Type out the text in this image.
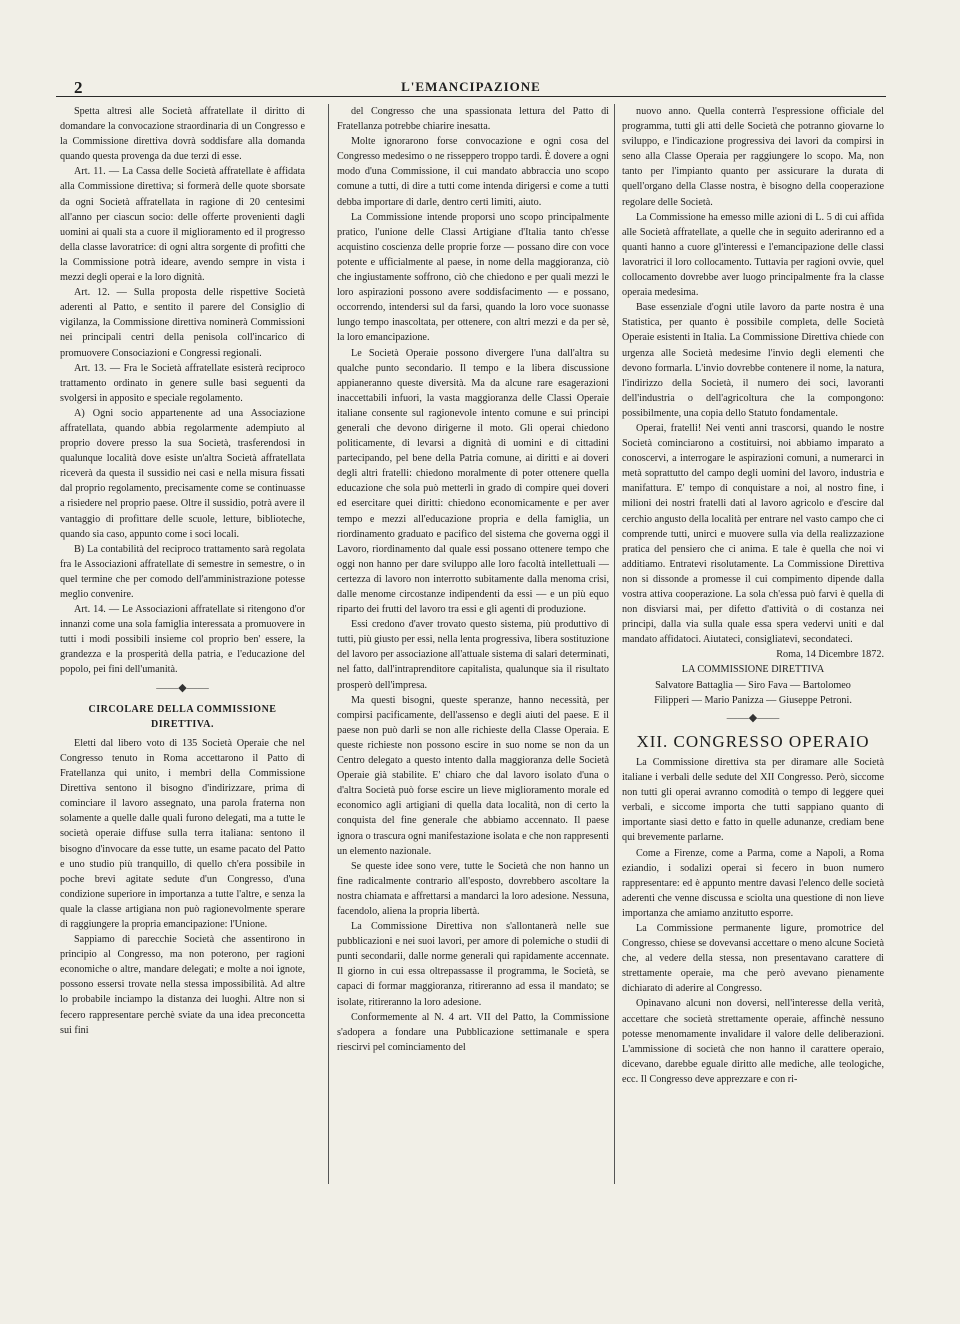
2	L'EMANCIPAZIONE

Spetta altresì alle Società affratellate il diritto di domandare la convocazione straordinaria di un Congresso e la Commissione direttiva dovrà soddisfare alla domanda quando questa provenga da due terzi di esse.

Art. 11. — La Cassa delle Società affratellate è affidata alla Commissione direttiva; si formerà delle quote sborsate da ogni Società affratellata in ragione di 20 centesimi all'anno per ciascun socio: delle offerte provenienti dagli uomini ai quali sta a cuore il miglioramento ed il progresso della classe lavoratrice: di ogni altra sorgente di profitti che la Commissione potrà ideare, avendo sempre in vista i mezzi degli operai e la loro dignità.

Art. 12. — Sulla proposta delle rispettive Società aderenti al Patto, e sentito il parere del Consiglio di vigilanza, la Commissione direttiva nominerà Commissioni nei principali centri della penisola coll'incarico di promuovere Consociazioni e Congressi regionali.

Art. 13. — Fra le Società affratellate esisterà reciproco trattamento ordinato in genere sulle basi seguenti da svolgersi in apposito e speciale regolamento.

A) Ogni socio appartenente ad una Associazione affratellata, quando abbia regolarmente adempiuto al proprio dovere presso la sua Società, trasferendosi in qualunque località dove esiste un'altra Società affratellata riceverà da questa il sussidio nei casi e nella misura fissati dal proprio regolamento, precisamente come se continuasse a risiedere nel proprio paese. Oltre il sussidio, potrà avere il vantaggio di profittare delle scuole, letture, biblioteche, quando sia caso, appunto come i soci locali.

B) La contabilità del reciproco trattamento sarà regolata fra le Associazioni affratellate di semestre in semestre, o in quel termine che per comodo dell'amministrazione potesse meglio convenire.

Art. 14. — Le Associazioni affratellate si ritengono d'or innanzi come una sola famiglia interessata a promuovere in tutti i modi possibili insieme col proprio ben' essere, la grandezza e la prosperità della patria, e l'educazione del popolo, pei fini dell'umanità.

——◆——

CIRCOLARE DELLA COMMISSIONE DIRETTIVA.

Eletti dal libero voto di 135 Società Operaie che nel Congresso tenuto in Roma accettarono il Patto di Fratellanza qui unito, i membri della Commissione Direttiva sentono il bisogno d'indirizzare, prima di cominciare il lavoro assegnato, una parola fraterna non solamente a quelle dalle quali furono delegati, ma a tutte le società operaie diffuse sulla terra italiana: sentono il bisogno d'invocare da esse tutte, un esame pacato del Patto e uno studio più tranquillo, di quello ch'era possibile in poche brevi agitate sedute d'un Congresso, d'una condizione superiore in importanza a tutte l'altre, e senza la quale la classe artigiana non può ragionevolmente sperare di raggiungere la propria emancipazione: l'Unione.

Sappiamo di parecchie Società che assentirono in principio al Congresso, ma non poterono, per ragioni economiche o altre, mandare delegati; e molte a noi ignote, possono essersi trovate nella stessa impossibilità. Ad altre lo probabile inciampo la distanza dei luoghi. Altre non si fecero rappresentare perchè sviate da una idea preconcetta sui fini

del Congresso che una spassionata lettura del Patto di Fratellanza potrebbe chiarire inesatta.

Molte ignorarono forse convocazione e ogni cosa del Congresso medesimo o ne risseppero troppo tardi. È dovere a ogni modo d'una Commissione, il cui mandato abbraccia uno scopo comune a tutti, di dire a tutti come intenda dirigersi e come a tutti debba importare di darle, dentro certi limiti, aiuto.

La Commissione intende proporsi uno scopo principalmente pratico, l'unione delle Classi Artigiane d'Italia tanto ch'esse acquistino coscienza delle proprie forze — possano dire con voce potente e ufficialmente al paese, in nome della maggioranza, ciò che ingiustamente soffrono, ciò che chiedono e per quali mezzi le loro aspirazioni possono avere soddisfacimento — e possano, occorrendo, intendersi sul da farsi, quando la loro voce suonasse lungo tempo inascoltata, per ottenere, con altri mezzi e da per sè, la loro emancipazione.

Le Società Operaie possono divergere l'una dall'altra su qualche punto secondario. Il tempo e la libera discussione appianeranno queste diversità. Ma da alcune rare esagerazioni inaccettabili infuori, la vasta maggioranza delle Classi Operaie italiane consente sul ragionevole intento comune e sui principi generali che devono dirigerne il moto. Gli operai chiedono politicamente, di levarsi a dignità di uomini e di cittadini partecipando, pel bene della Patria comune, ai diritti e ai doveri degli altri fratelli: chiedono moralmente di poter ottenere quella educazione che sola può metterli in grado di compire quei doveri ed esercitare quei diritti: chiedono economicamente e per aver tempo e mezzi all'educazione propria e della famiglia, un riordinamento graduato e pacifico del sistema che governa oggi il Lavoro, riordinamento dal quale essi possano ottenere tempo che oggi non hanno per dare sviluppo alle loro facoltà intellettuali — certezza di lavoro non interrotto subitamente dalla menoma crisi, dalle menome circostanze indipendenti da essi — e un più equo riparto dei frutti del lavoro tra essi e gli agenti di produzione.

Essi credono d'aver trovato questo sistema, più produttivo di tutti, più giusto per essi, nella lenta progressiva, libera sostituzione del lavoro per associazione all'attuale sistema di salari determinati, nel fatto, dall'intraprenditore capitalista, qualunque sia il risultato prosperò dell'impresa.

Ma questi bisogni, queste speranze, hanno necessità, per compirsi pacificamente, dell'assenso e degli aiuti del paese. E il paese non può darli se non alle richieste della Classe Operaia. E queste richieste non possono escire in suo nome se non da un Centro delegato a questo intento dalla maggioranza delle Società Operaie già stabilite. E' chiaro che dal lavoro isolato d'una o d'altra Società può forse escire un lieve miglioramento morale ed economico agli artigiani di quella data località, non di certo la conquista del fine generale che abbiamo accennato. Il paese ignora o trascura ogni manifestazione isolata e che non rappresenti un elemento nazionale.

Se queste idee sono vere, tutte le Società che non hanno un fine radicalmente contrario all'esposto, dovrebbero ascoltare la nostra chiamata e affrettarsi a mandarci la loro adesione. Nessuna, facendolo, aliena la propria libertà.

La Commissione Direttiva non s'allontanerà nelle sue pubblicazioni e nei suoi lavori, per amore di polemiche o studii di punti secondarii, dalle norme generali qui rapidamente accennate. Il giorno in cui essa oltrepassasse il programma, le Società, se capaci di formar maggioranza, ritireranno ad essa il mandato; se isolate, ritireranno la loro adesione.

Conformemente al N. 4 art. VII del Patto, la Commissione s'adopera a fondare una Pubblicazione settimanale e spera riescirvi pel cominciamento del

nuovo anno. Quella conterrà l'espressione officiale del programma, tutti gli atti delle Società che potranno giovarne lo sviluppo, e l'indicazione progressiva dei lavori da compirsi in seno alla Classe Operaia per raggiungere lo scopo. Ma, non tanto per l'impianto quanto per assicurare la durata di quell'organo della Classe nostra, è bisogno della cooperazione regolare delle Società.

La Commissione ha emesso mille azioni di L. 5 di cui affida alle Società affratellate, a quelle che in seguito aderiranno ed a quanti hanno a cuore gl'interessi e l'emancipazione delle classi lavoratrici il loro collocamento. Tuttavia per ragioni ovvie, quel collocamento dovrebbe aver luogo principalmente fra la classe operaia medesima.

Base essenziale d'ogni utile lavoro da parte nostra è una Statistica, per quanto è possibile completa, delle Società Operaie esistenti in Italia. La Commissione Direttiva chiede con urgenza alle Società medesime l'invio degli elementi che devono formarla. L'invio dovrebbe contenere il nome, la natura, l'indirizzo della Società, il numero dei soci, lavoranti dell'industria o dell'agricoltura che la compongono: possibilmente, una copia dello Statuto fondamentale.

Operai, fratelli! Nei venti anni trascorsi, quando le nostre Società cominciarono a costituirsi, noi abbiamo imparato a conoscervi, a interrogare le aspirazioni comuni, a numerarci in metà soprattutto del campo degli uomini del lavoro, industria e manifattura. E' tempo di conquistare a noi, al nostro fine, i milioni dei nostri fratelli dati al lavoro agricolo e d'escire dal cerchio angusto della località per entrare nel vasto campo che ci comprende tutti, unirci e muovere sulla via della realizzazione pratica del pensiero che ci anima. E tale è quella che noi vi additiamo. Entratevi risolutamente. La Commissione Direttiva non si dissonde a promesse il cui compimento dipende dalla vostra attiva cooperazione. La sola ch'essa può farvi è quella di non disviarsi mai, per difetto d'attività o di costanza nei principi, dalla via sulla quale essa spera vedervi uniti e dal mandato affidatoci. Aiutateci, consigliatevi, secondateci.

Roma, 14 Dicembre 1872.

LA COMMISSIONE DIRETTIVA

Salvatore Battaglia — Siro Fava — Bartolomeo

Filipperi — Mario Panizza — Giuseppe Petroni.

——◆——

XII. CONGRESSO OPERAIO

La Commissione direttiva sta per diramare alle Società italiane i verbali delle sedute del XII Congresso. Però, siccome non tutti gli operai avranno comodità o tempo di leggere quei verbali, e siccome importa che tutti sappiano quanto di importante siasi detto e fatto in quelle adunanze, crediam bene qui brevemente parlarne.

Come a Firenze, come a Parma, come a Napoli, a Roma eziandio, i sodalizi operai si fecero in buon numero rappresentare: ed è appunto mentre davasi l'elenco delle società aderenti che venne discussa e sciolta una questione di non lieve importanza che amiamo anzitutto esporre.

La Commissione permanente ligure, promotrice del Congresso, chiese se dovevansi accettare o meno alcune Società che, al vedere della stessa, non presentavano carattere di strettamente operaie, ma che però avevano pienamente dichiarato di aderire al Congresso.

Opinavano alcuni non doversi, nell'interesse della verità, accettare che società strettamente operaie, affinchè nessuno potesse menomamente invalidare il valore delle deliberazioni. L'ammissione di società che non hanno il carattere operaio, dicevano, darebbe eguale diritto alle mediche, alle teologiche, ecc. Il Congresso deve apprezzare e con ri-
